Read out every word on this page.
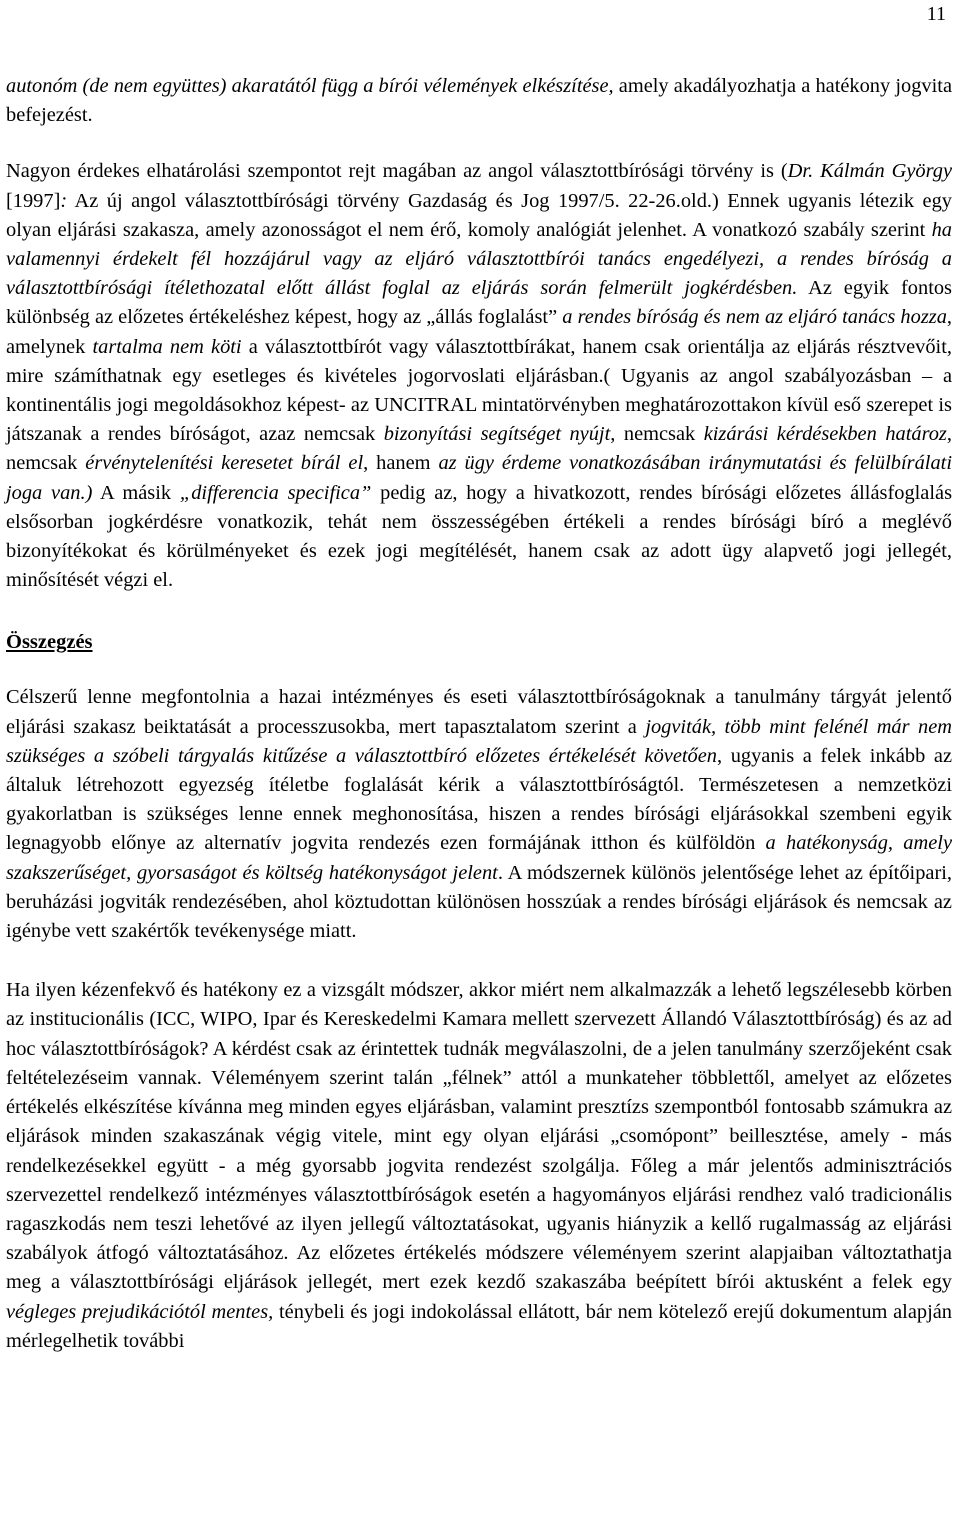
11

autonóm (de nem együttes) akaratától függ a bírói vélemények elkészítése, amely akadályozhatja a hatékony jogvita befejezést.

Nagyon érdekes elhatárolási szempontot rejt magában az angol választottbírósági törvény is (Dr. Kálmán György [1997]: Az új angol választottbírósági törvény Gazdaság és Jog 1997/5. 22-26.old.) Ennek ugyanis létezik egy olyan eljárási szakasza, amely azonosságot el nem érő, komoly analógiát jelenhet. A vonatkozó szabály szerint ha valamennyi érdekelt fél hozzájárul vagy az eljáró választottbírói tanács engedélyezi, a rendes bíróság a választottbírósági ítélethozatal előtt állást foglal az eljárás során felmerült jogkérdésben. Az egyik fontos különbség az előzetes értékeléshez képest, hogy az „állás foglalást” a rendes bíróság és nem az eljáró tanács hozza, amelynek tartalma nem köti a választottbírót vagy választottbírákat, hanem csak orientálja az eljárás résztvevőit, mire számíthatnak egy esetleges és kivételes jogorvoslati eljárásban.( Ugyanis az angol szabályozásban – a kontinentális jogi megoldásokhoz képest- az UNCITRAL mintatörvényben meghatározottakon kívül eső szerepet is játszanak a rendes bíróságot, azaz nemcsak bizonyítási segítséget nyújt, nemcsak kizárási kérdésekben határoz, nemcsak érvénytelenítési keresetet bírál el, hanem az ügy érdeme vonatkozásában iránymutatási és felülbírálati joga van.) A másik „differencia specifica” pedig az, hogy a hivatkozott, rendes bírósági előzetes állásfoglalás elsősorban jogkérdésre vonatkozik, tehát nem összességében értékeli a rendes bírósági bíró a meglévő bizonyítékokat és körülményeket és ezek jogi megítélését, hanem csak az adott ügy alapvető jogi jellegét, minősítését végzi el.

Összegzés

Célszerű lenne megfontolnia a hazai intézményes és eseti választottbíróságoknak a tanulmány tárgyát jelentő eljárási szakasz beiktatását a processzusokba, mert tapasztalatom szerint a jogviták, több mint felénél már nem szükséges a szóbeli tárgyalás kitűzése a választottbíró előzetes értékelését követően, ugyanis a felek inkább az általuk létrehozott egyezség ítéletbe foglalását kérik a választottbíróságtól. Természetesen a nemzetközi gyakorlatban is szükséges lenne ennek meghonosítása, hiszen a rendes bírósági eljárásokkal szembeni egyik legnagyobb előnye az alternatív jogvita rendezés ezen formájának itthon és külföldön a hatékonyság, amely szakszerűséget, gyorsaságot és költség hatékonyságot jelent. A módszernek különös jelentősége lehet az építőipari, beruházási jogviták rendezésében, ahol köztudottan különösen hosszúak a rendes bírósági eljárások és nemcsak az igénybe vett szakértők tevékenysége miatt.

Ha ilyen kézenfekvő és hatékony ez a vizsgált módszer, akkor miért nem alkalmazzák a lehető legszélesebb körben az institucionális (ICC, WIPO, Ipar és Kereskedelmi Kamara mellett szervezett Állandó Választottbíróság) és az ad hoc választottbíróságok? A kérdést csak az érintettek tudnák megválaszolni, de a jelen tanulmány szerzőjeként csak feltételezéseim vannak. Véleményem szerint talán „félnek” attól a munkateher többlettől, amelyet az előzetes értékelés elkészítése kívánna meg minden egyes eljárásban, valamint presztízs szempontból fontosabb számukra az eljárások minden szakaszának végig vitele, mint egy olyan eljárási „csomópont” beillesztése, amely - más rendelkezésekkel együtt - a még gyorsabb jogvita rendezést szolgálja. Főleg a már jelentős adminisztrációs szervezettel rendelkező intézményes választottbíróságok esetén a hagyományos eljárási rendhez való tradicionális ragaszkodás nem teszi lehetővé az ilyen jellegű változtatásokat, ugyanis hiányzik a kellő rugalmasság az eljárási szabályok átfogó változtatásához. Az előzetes értékelés módszere véleményem szerint alapjaiban változtathatja meg a választottbírósági eljárások jellegét, mert ezek kezdő szakaszába beépített bírói aktusként a felek egy végleges prejudikációtól mentes, ténybeli és jogi indokolással ellátott, bár nem kötelező erejű dokumentum alapján mérlegelhetik további
